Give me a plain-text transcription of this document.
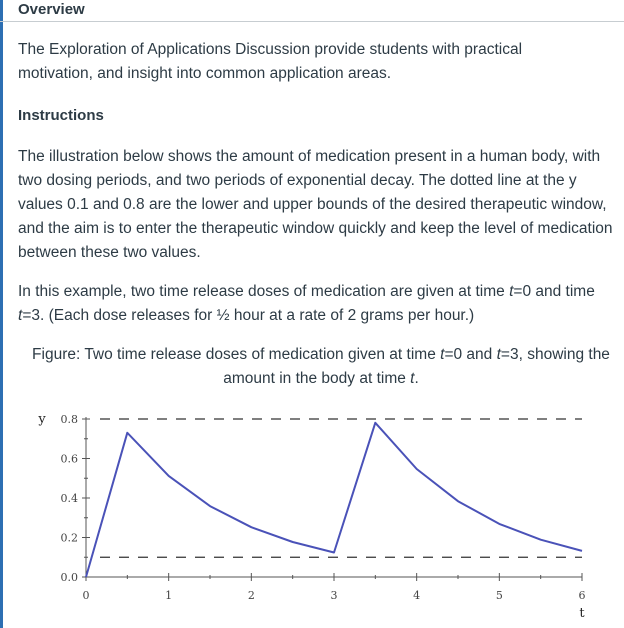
Overview

The Exploration of Applications Discussion provide students with practical motivation, and insight into common application areas.

Instructions

The illustration below shows the amount of medication present in a human body, with two dosing periods, and two periods of exponential decay. The dotted line at the y values 0.1 and 0.8 are the lower and upper bounds of the desired therapeutic window, and the aim is to enter the therapeutic window quickly and keep the level of medication between these two values.

In this example, two time release doses of medication are given at time t=0 and time t=3. (Each dose releases for ½ hour at a rate of 2 grams per hour.)

Figure: Two time release doses of medication given at time t=0 and t=3, showing the amount in the body at time t.

0	1	2	3	4	5	6
0.0
0.2
0.4
0.6
0.8
y
t
